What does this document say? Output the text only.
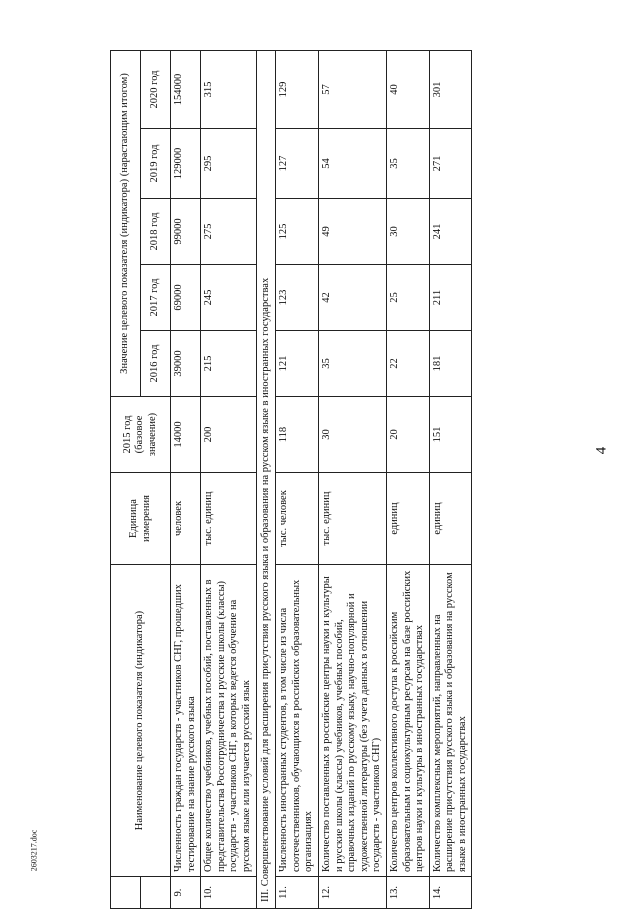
4
2603217.doc
	Наименование целевого показателя (индикатора)	Единица измерения	2015 год (базовое значение)	Значение целевого показателя (индикатора) (нарастающим итогом)				
				2016 год	2017 год	2018 год	2019 год	2020 год
9.	Численность граждан государств - участников СНГ, прошедших тестирование на знание русского языка	человек	14000	39000	69000	99000	129000	154000
10.	Общее количество учебников, учебных пособий, поставленных в представительства Россотрудничества и русские школы (классы) государств - участников СНГ, в которых ведется обучение на русском языке или изучается русский язык	тыс. единиц	200	215	245	275	295	315
III. Совершенствование условий для расширения присутствия русского языка и образования на русском языке в иностранных государствах								
11.	Численность иностранных студентов, в том числе из числа соотечественников, обучающихся в российских образовательных организациях	тыс. человек	118	121	123	125	127	129
12.	Количество поставленных в российские центры науки и культуры и русские школы (классы) учебников, учебных пособий, справочных изданий по русскому языку, научно-популярной и художественной литературы (без учета данных в отношении государств - участников СНГ)	тыс. единиц	30	35	42	49	54	57
13.	Количество центров коллективного доступа к российским образовательным и социокультурным ресурсам на базе российских центров науки и культуры в иностранных государствах	единиц	20	22	25	30	35	40
14.	Количество комплексных мероприятий, направленных на расширение присутствия русского языка и образования на русском языке в иностранных государствах	единиц	151	181	211	241	271	301
